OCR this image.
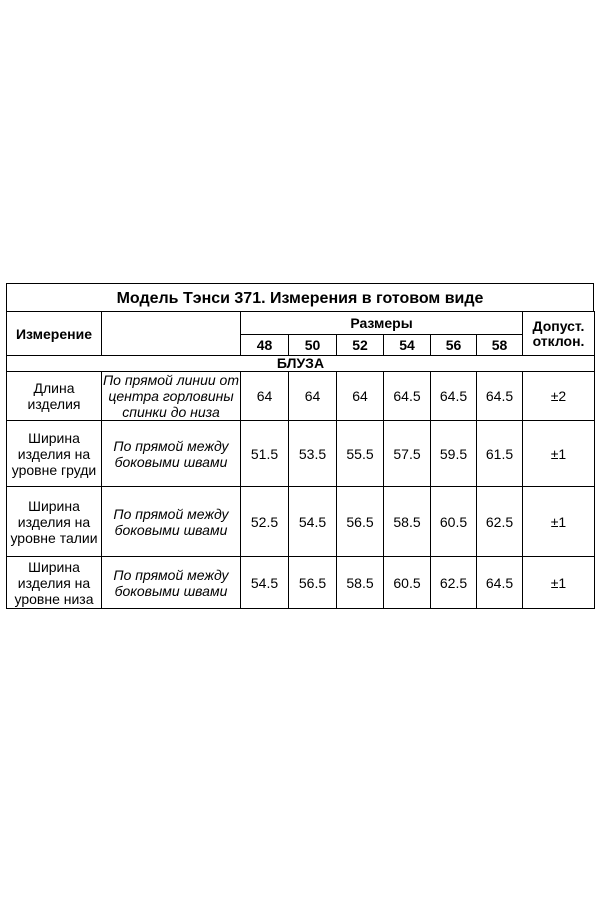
Модель Тэнси 371. Измерения в готовом виде
Измерение		Размеры						Допуст.
отклон.

		48	50	52	54	56	58	
БЛУЗА								
Длина изделия	По прямой линии от центра горловины спинки до низа	64	64	64	64.5	64.5	64.5	±2
Ширина изделия на уровне груди	По прямой между боковыми швами	51.5	53.5	55.5	57.5	59.5	61.5	±1
Ширина изделия на уровне талии	По прямой между боковыми швами	52.5	54.5	56.5	58.5	60.5	62.5	±1
Ширина изделия на уровне низа	По прямой между боковыми швами	54.5	56.5	58.5	60.5	62.5	64.5	±1
